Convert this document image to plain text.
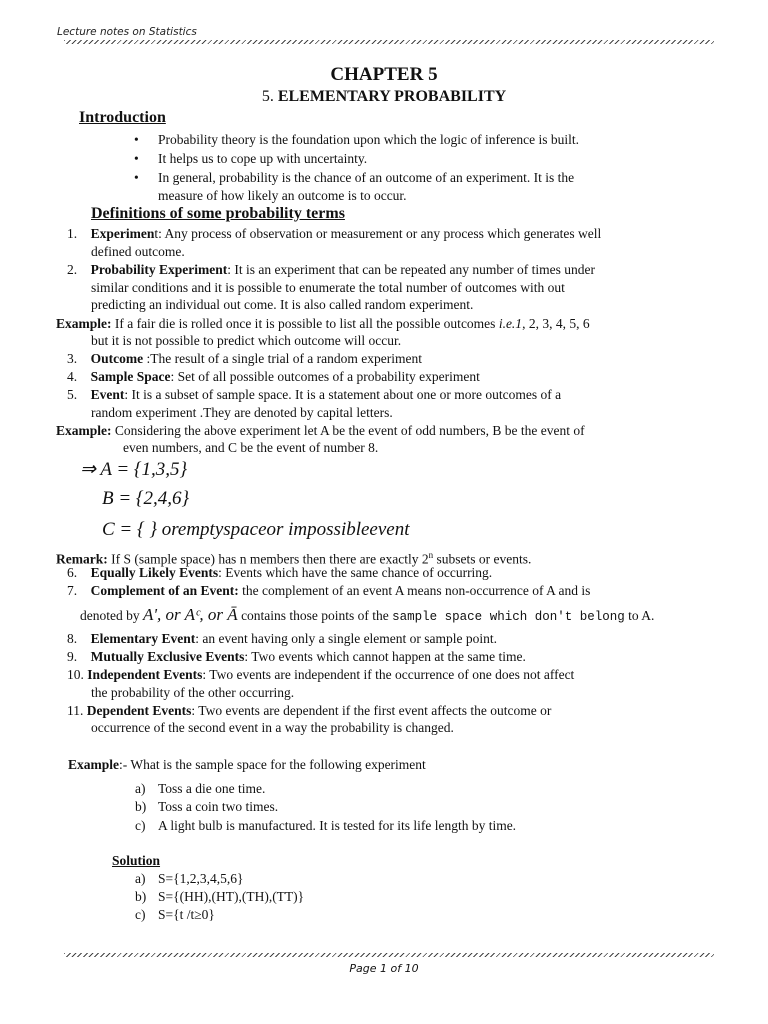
Lecture notes on Statistics
CHAPTER 5
5. ELEMENTARY PROBABILITY
Introduction
• Probability theory is the foundation upon which the logic of inference is built.
• It helps us to cope up with uncertainty.
• In general, probability is the chance of an outcome of an experiment. It is the
measure of how likely an outcome is to occur.
Definitions of some probability terms
1. Experiment: Any process of observation or measurement or any process which generates well
defined outcome.
2. Probability Experiment: It is an experiment that can be repeated any number of times under
similar conditions and it is possible to enumerate the total number of outcomes with out
predicting an individual out come. It is also called random experiment.
Example: If a fair die is rolled once it is possible to list all the possible outcomes i.e.1, 2, 3, 4, 5, 6
but it is not possible to predict which outcome will occur.
3. Outcome :The result of a single trial of a random experiment
4. Sample Space: Set of all possible outcomes of a probability experiment
5. Event: It is a subset of sample space. It is a statement about one or more outcomes of a
random experiment .They are denoted by capital letters.
Example: Considering the above experiment let A be the event of odd numbers, B be the event of
even numbers, and C be the event of number 8.
⇒ A = {1,3,5}
B = {2,4,6}
C = { } oremptyspaceor impossibleevent
Remark: If S (sample space) has n members then there are exactly 2$^n$ subsets or events.
6. Equally Likely Events: Events which have the same chance of occurring.
7. Complement of an Event: the complement of an event A means non-occurrence of A and is
denoted by A', or Aᶜ, or Ā contains those points of the sample space which don't belong to A.
8. Elementary Event: an event having only a single element or sample point.
9. Mutually Exclusive Events: Two events which cannot happen at the same time.
10. Independent Events: Two events are independent if the occurrence of one does not affect
the probability of the other occurring.
11. Dependent Events: Two events are dependent if the first event affects the outcome or
occurrence of the second event in a way the probability is changed.
Example:- What is the sample space for the following experiment
a) Toss a die one time.
b) Toss a coin two times.
c) A light bulb is manufactured. It is tested for its life length by time.
Solution
a) S={1,2,3,4,5,6}
b) S={(HH),(HT),(TH),(TT)}
c) S={t /t≥0}
Page 1 of 10
